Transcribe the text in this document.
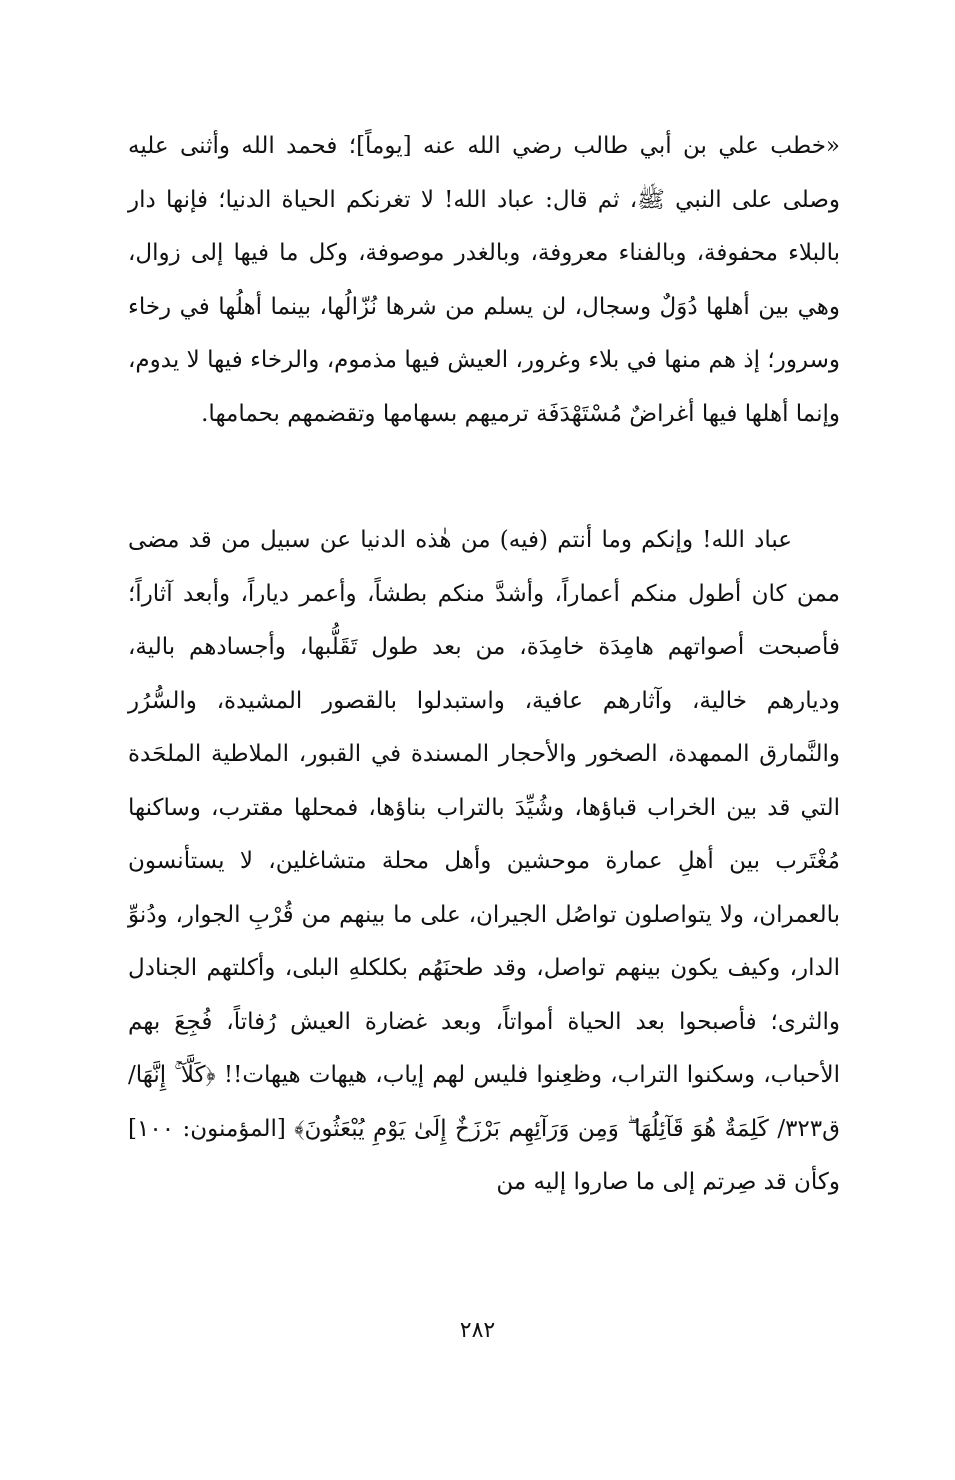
«خطب علي بن أبي طالب رضي الله عنه [يوماً]؛ فحمد الله وأثنى عليه وصلى على النبي ﷺ، ثم قال: عباد الله! لا تغرنكم الحياة الدنيا؛ فإنها دار بالبلاء محفوفة، وبالفناء معروفة، وبالغدر موصوفة، وكل ما فيها إلى زوال، وهي بين أهلها دُوَلٌ وسجال، لن يسلم من شرها نُزّالُها، بينما أهلُها في رخاء وسرور؛ إذ هم منها في بلاء وغرور، العيش فيها مذموم، والرخاء فيها لا يدوم، وإنما أهلها فيها أغراضٌ مُسْتَهْدَفَة ترميهم بسهامها وتقضمهم بحمامها.

عباد الله! وإنكم وما أنتم (فيه) من هٰذه الدنيا عن سبيل من قد مضى ممن كان أطول منكم أعماراً، وأشدَّ منكم بطشاً، وأعمر دياراً، وأبعد آثاراً؛ فأصبحت أصواتهم هامِدَة خامِدَة، من بعد طول تَقَلُّبها، وأجسادهم بالية، وديارهم خالية، وآثارهم عافية، واستبدلوا بالقصور المشيدة، والسُّرُر والنَّمارق الممهدة، الصخور والأحجار المسندة في القبور، الملاطية الملحَدة التي قد بين الخراب قباؤها، وشُيِّدَ بالتراب بناؤها، فمحلها مقترب، وساكنها مُغْتَرب بين أهلِ عمارة موحشين وأهل محلة متشاغلين، لا يستأنسون بالعمران، ولا يتواصلون تواصُل الجيران، على ما بينهم من قُرْبِ الجوار، ودُنوِّ الدار، وكيف يكون بينهم تواصل، وقد طحنَهُم بكلكلهِ البلى، وأكلتهم الجنادل والثرى؛ فأصبحوا بعد الحياة أمواتاً، وبعد غضارة العيش رُفاتاً، فُجِعَ بهم الأحباب، وسكنوا التراب، وظعِنوا فليس لهم إياب، هيهات هيهات!! ﴿كَلَّآ ۚ إِنَّهَا/ ق٣٢٣/ كَلِمَةٌ هُوَ قَآئِلُهَا ۖ وَمِن وَرَآئِهِم بَرْزَخٌ إِلَىٰ يَوْمِ يُبْعَثُونَ﴾ [المؤمنون: ١٠٠] وكأن قد صِرتم إلى ما صاروا إليه من

٢٨٢
